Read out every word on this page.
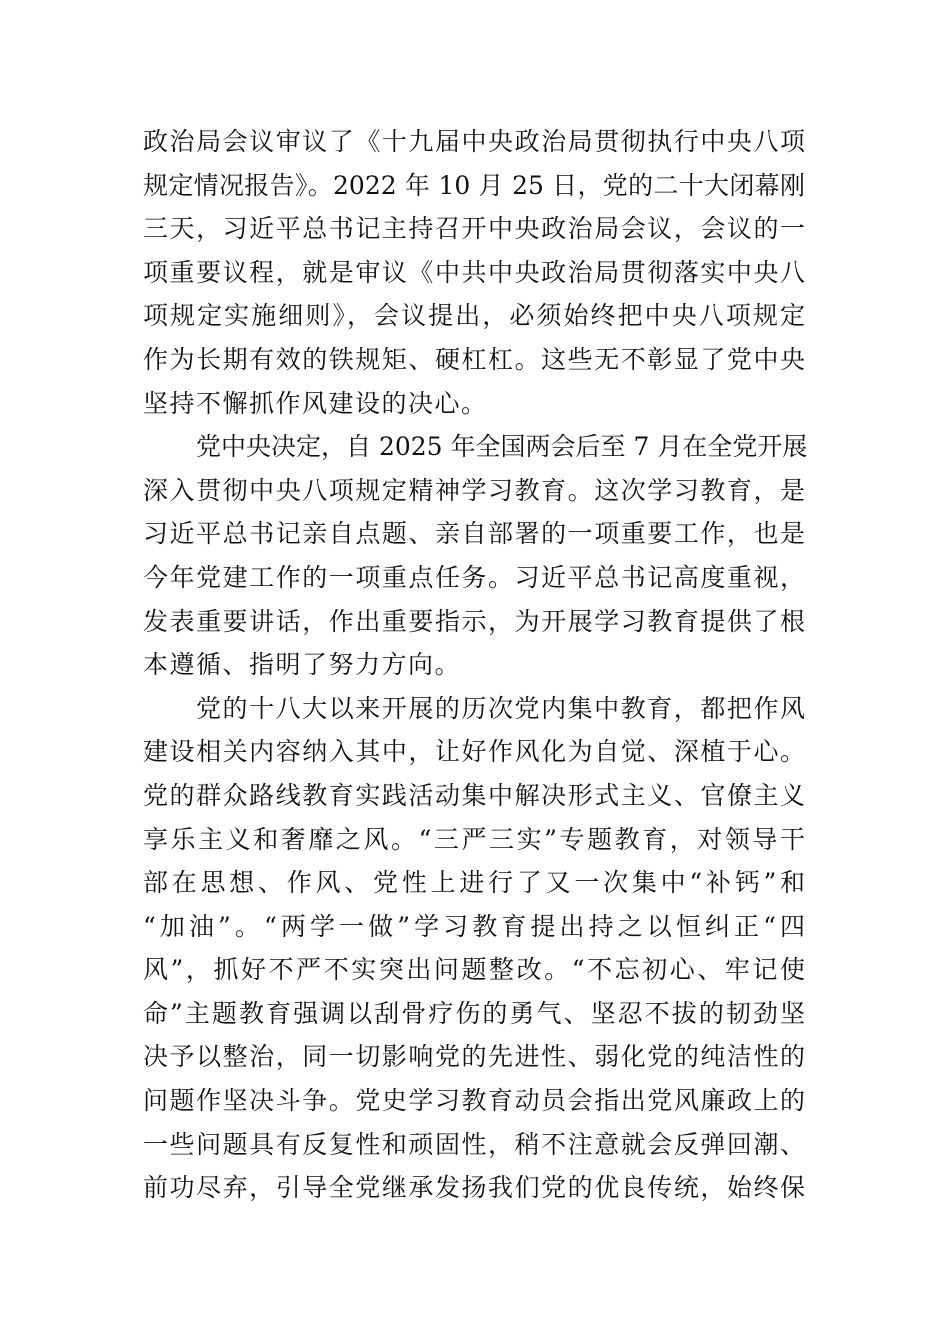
政治局会议审议了《十九届中央政治局贯彻执行中央八项
规定情况报告》。2022 年 10 月 25 日，党的二十大闭幕刚
三天，习近平总书记主持召开中央政治局会议，会议的一
项重要议程，就是审议《中共中央政治局贯彻落实中央八
项规定实施细则》，会议提出，必须始终把中央八项规定
作为长期有效的铁规矩、硬杠杠。这些无不彰显了党中央
坚持不懈抓作风建设的决心。
党中央决定，自 2025 年全国两会后至 7 月在全党开展
深入贯彻中央八项规定精神学习教育。这次学习教育，是
习近平总书记亲自点题、亲自部署的一项重要工作，也是
今年党建工作的一项重点任务。习近平总书记高度重视，
发表重要讲话，作出重要指示，为开展学习教育提供了根
本遵循、指明了努力方向。
党的十八大以来开展的历次党内集中教育，都把作风
建设相关内容纳入其中，让好作风化为自觉、深植于心。
党的群众路线教育实践活动集中解决形式主义、官僚主义
享乐主义和奢靡之风。“三严三实”专题教育，对领导干
部在思想、作风、党性上进行了又一次集中“补钙”和
“加油”。“两学一做”学习教育提出持之以恒纠正“四
风”，抓好不严不实突出问题整改。“不忘初心、牢记使
命”主题教育强调以刮骨疗伤的勇气、坚忍不拔的韧劲坚
决予以整治，同一切影响党的先进性、弱化党的纯洁性的
问题作坚决斗争。党史学习教育动员会指出党风廉政上的
一些问题具有反复性和顽固性，稍不注意就会反弹回潮、
前功尽弃，引导全党继承发扬我们党的优良传统，始终保
